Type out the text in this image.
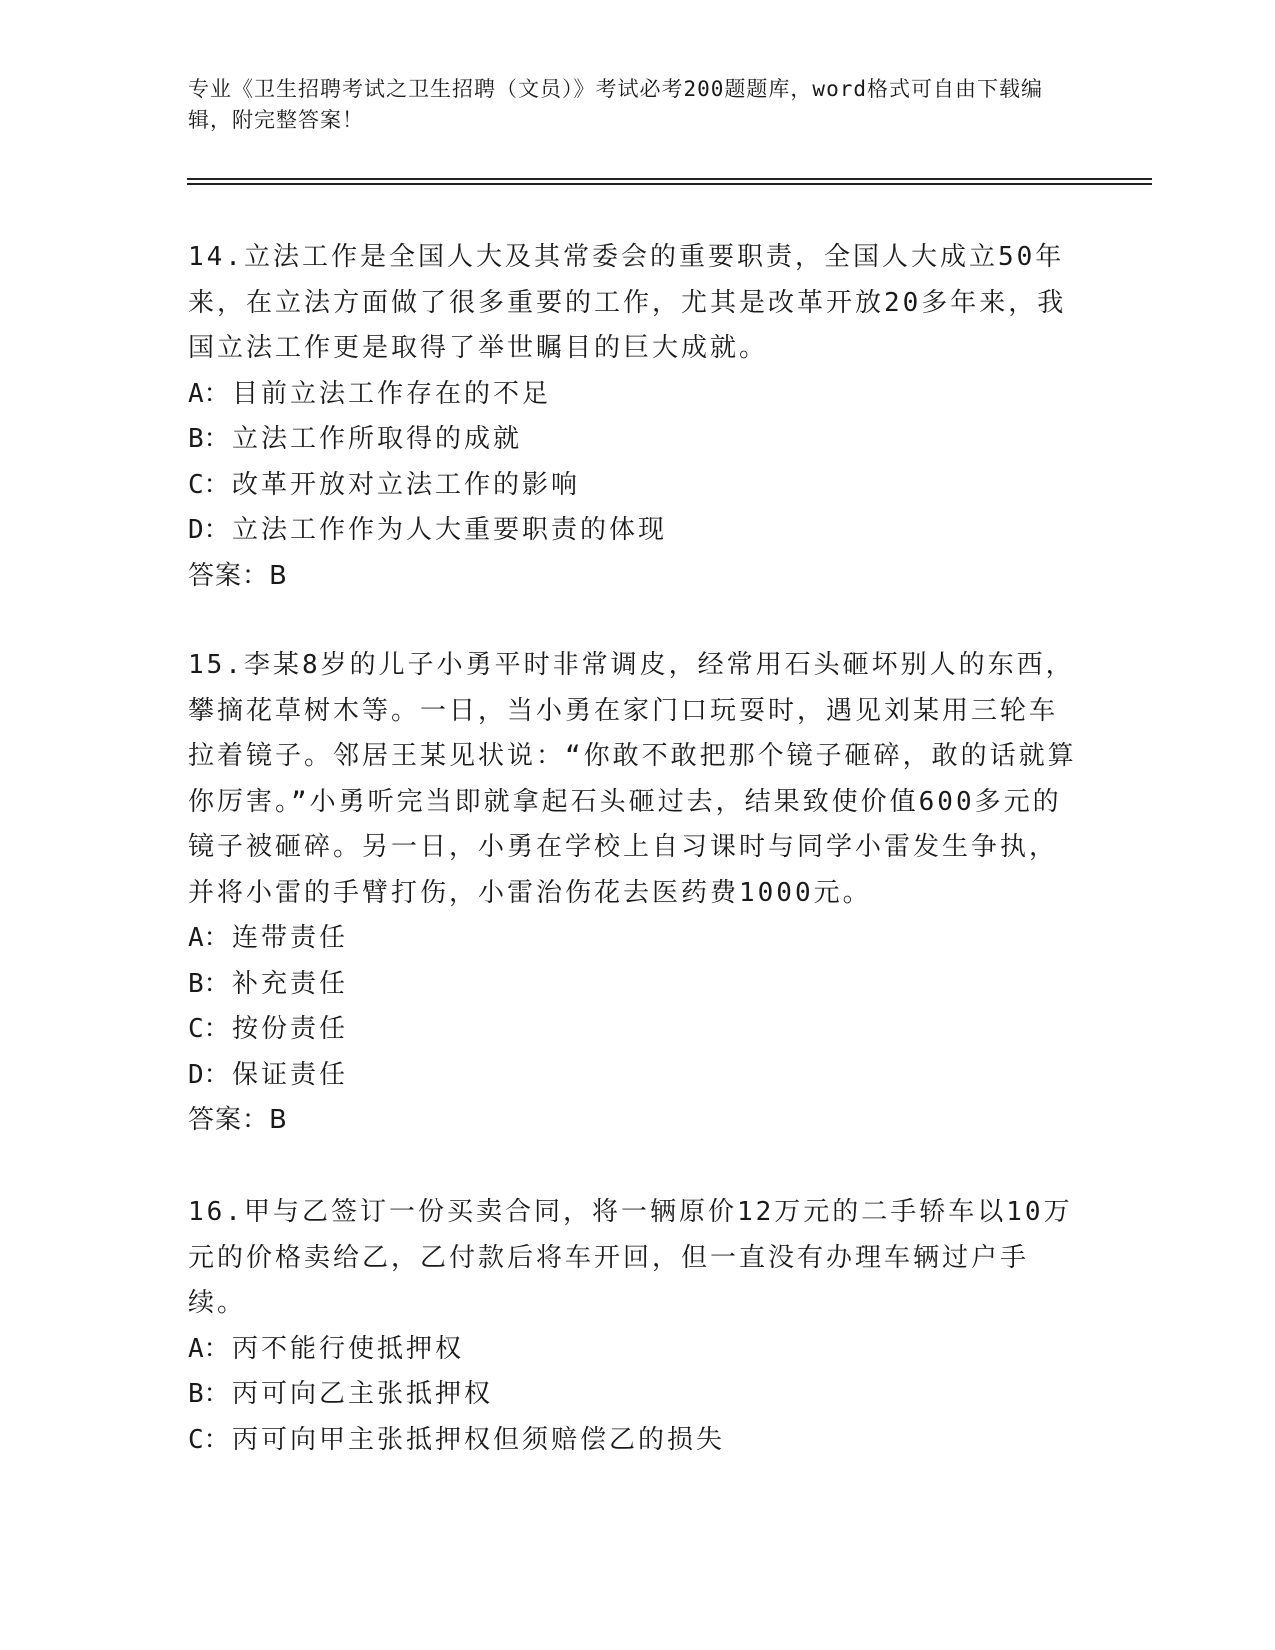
专业《卫生招聘考试之卫生招聘（文员）》考试必考200题题库，word格式可自由下载编辑，附完整答案！

14.立法工作是全国人大及其常委会的重要职责，全国人大成立50年来，在立法方面做了很多重要的工作，尤其是改革开放20多年来，我国立法工作更是取得了举世瞩目的巨大成就。

A： 目前立法工作存在的不足
B： 立法工作所取得的成就
C： 改革开放对立法工作的影响
D： 立法工作作为人大重要职责的体现

答案：B

15.李某8岁的儿子小勇平时非常调皮，经常用石头砸坏别人的东西，攀摘花草树木等。一日，当小勇在家门口玩耍时，遇见刘某用三轮车拉着镜子。邻居王某见状说：“你敢不敢把那个镜子砸碎，敢的话就算你厉害。”小勇听完当即就拿起石头砸过去，结果致使价值600多元的镜子被砸碎。另一日，小勇在学校上自习课时与同学小雷发生争执，并将小雷的手臂打伤，小雷治伤花去医药费1000元。

A： 连带责任
B： 补充责任
C： 按份责任
D： 保证责任

答案：B

16.甲与乙签订一份买卖合同，将一辆原价12万元的二手轿车以10万元的价格卖给乙，乙付款后将车开回，但一直没有办理车辆过户手续。

A： 丙不能行使抵押权
B： 丙可向乙主张抵押权
C： 丙可向甲主张抵押权但须赔偿乙的损失
